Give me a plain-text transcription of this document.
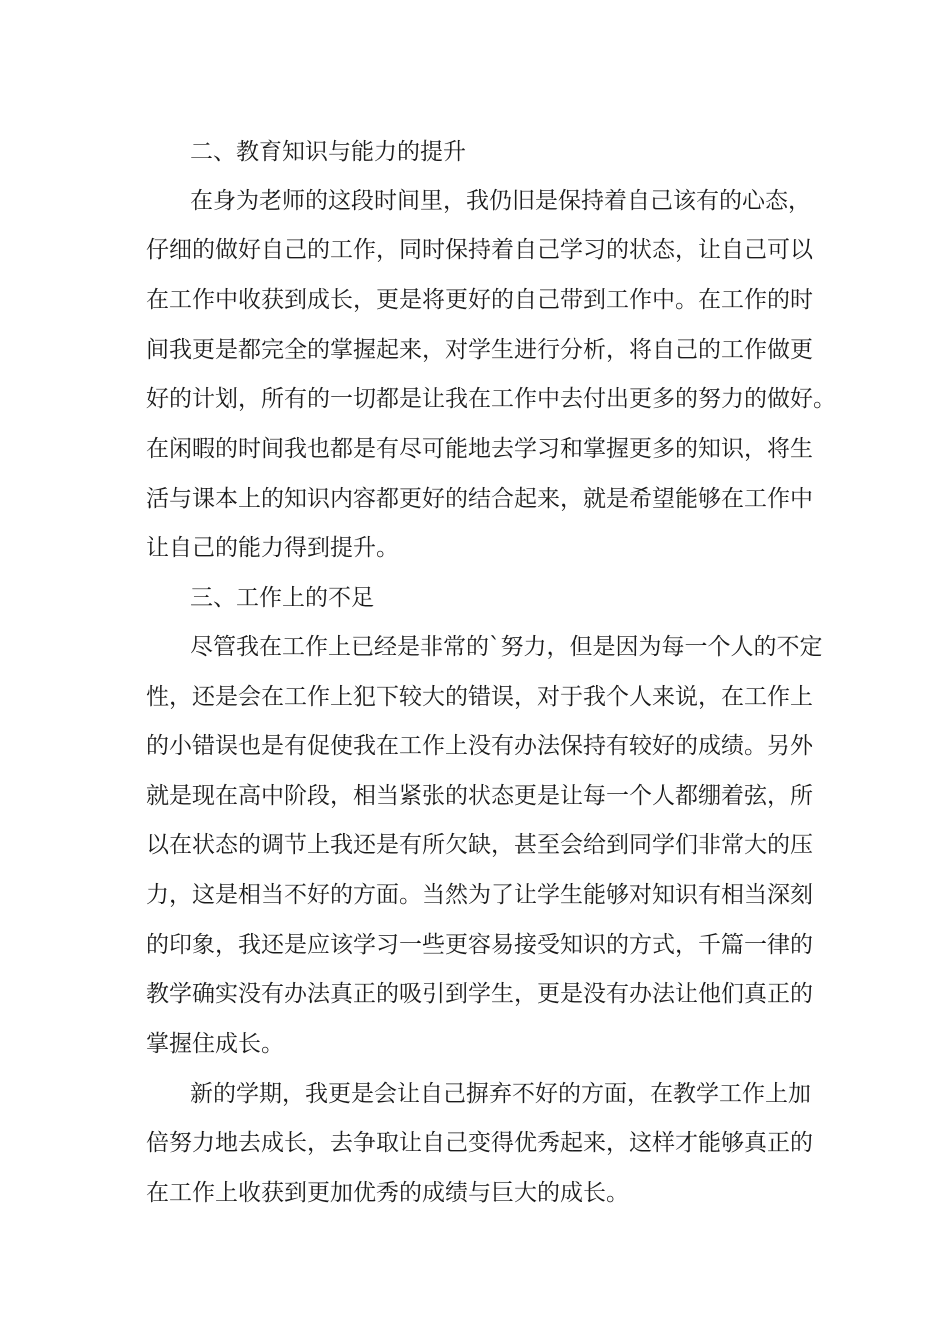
二、教育知识与能力的提升
在身为老师的这段时间里，我仍旧是保持着自己该有的心态，
仔细的做好自己的工作，同时保持着自己学习的状态，让自己可以
在工作中收获到成长，更是将更好的自己带到工作中。在工作的时
间我更是都完全的掌握起来，对学生进行分析，将自己的工作做更
好的计划，所有的一切都是让我在工作中去付出更多的努力的做好。
在闲暇的时间我也都是有尽可能地去学习和掌握更多的知识，将生
活与课本上的知识内容都更好的结合起来，就是希望能够在工作中
让自己的能力得到提升。
三、工作上的不足
尽管我在工作上已经是非常的`努力，但是因为每一个人的不定
性，还是会在工作上犯下较大的错误，对于我个人来说，在工作上
的小错误也是有促使我在工作上没有办法保持有较好的成绩。另外
就是现在高中阶段，相当紧张的状态更是让每一个人都绷着弦，所
以在状态的调节上我还是有所欠缺，甚至会给到同学们非常大的压
力，这是相当不好的方面。当然为了让学生能够对知识有相当深刻
的印象，我还是应该学习一些更容易接受知识的方式，千篇一律的
教学确实没有办法真正的吸引到学生，更是没有办法让他们真正的
掌握住成长。
新的学期，我更是会让自己摒弃不好的方面，在教学工作上加
倍努力地去成长，去争取让自己变得优秀起来，这样才能够真正的
在工作上收获到更加优秀的成绩与巨大的成长。
